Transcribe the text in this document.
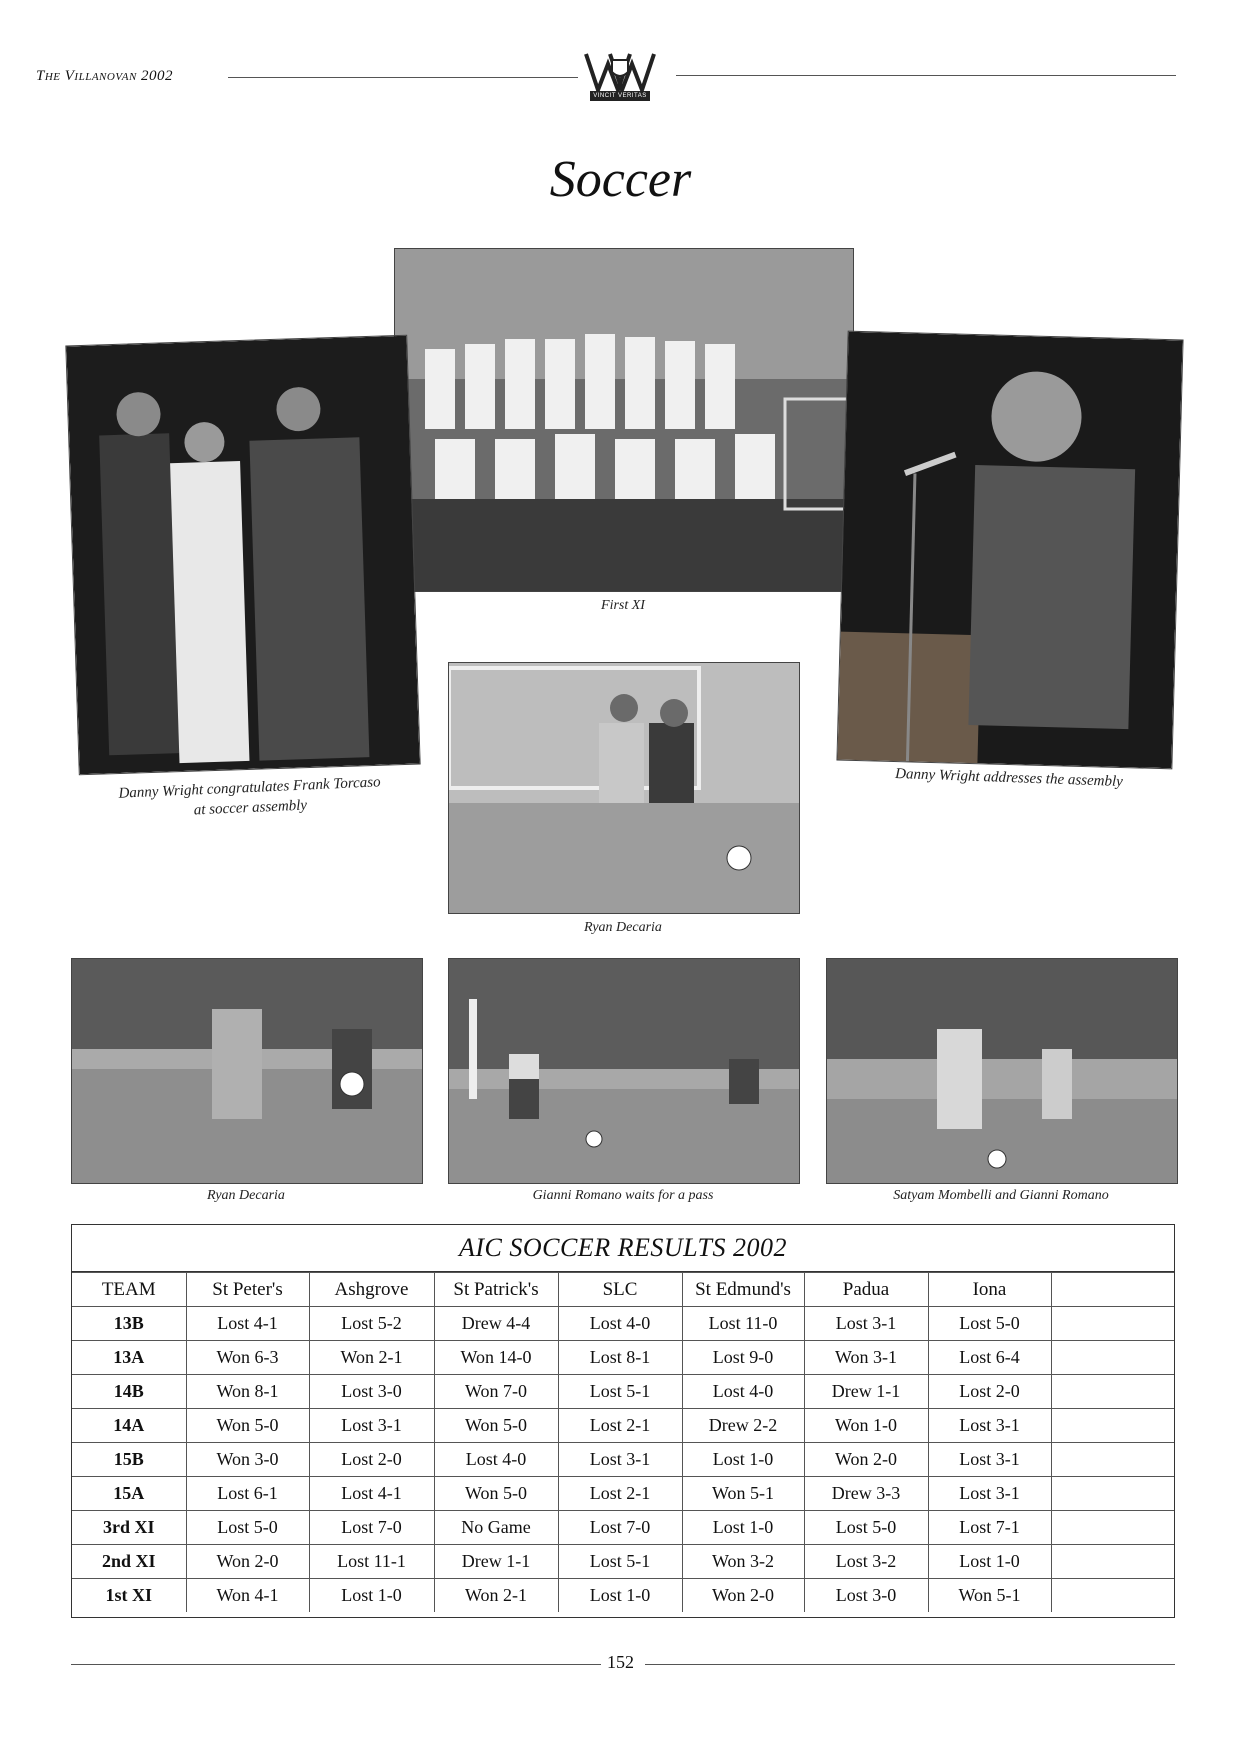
The Villanovan 2002
VINCIT VERITAS
Soccer
First XI
Danny Wright congratulates Frank Torcaso
at soccer assembly
Danny Wright addresses the assembly
Ryan Decaria
Ryan Decaria	Gianni Romano waits for a pass	Satyam Mombelli and Gianni Romano
AIC SOCCER RESULTS 2002
TEAM	St Peter's	Ashgrove	St Patrick's	SLC	St Edmund's	Padua	Iona	
13B	Lost 4-1	Lost 5-2	Drew 4-4	Lost 4-0	Lost 11-0	Lost 3-1	Lost 5-0	
13A	Won 6-3	Won 2-1	Won 14-0	Lost 8-1	Lost 9-0	Won 3-1	Lost 6-4	
14B	Won 8-1	Lost 3-0	Won 7-0	Lost 5-1	Lost 4-0	Drew 1-1	Lost 2-0	
14A	Won 5-0	Lost 3-1	Won 5-0	Lost 2-1	Drew 2-2	Won 1-0	Lost 3-1	
15B	Won 3-0	Lost 2-0	Lost 4-0	Lost 3-1	Lost 1-0	Won 2-0	Lost 3-1	
15A	Lost 6-1	Lost 4-1	Won 5-0	Lost 2-1	Won 5-1	Drew 3-3	Lost 3-1	
3rd XI	Lost 5-0	Lost 7-0	No Game	Lost 7-0	Lost 1-0	Lost 5-0	Lost 7-1	
2nd XI	Won 2-0	Lost 11-1	Drew 1-1	Lost 5-1	Won 3-2	Lost 3-2	Lost 1-0	
1st XI	Won 4-1	Lost 1-0	Won 2-1	Lost 1-0	Won 2-0	Lost 3-0	Won 5-1	
152
